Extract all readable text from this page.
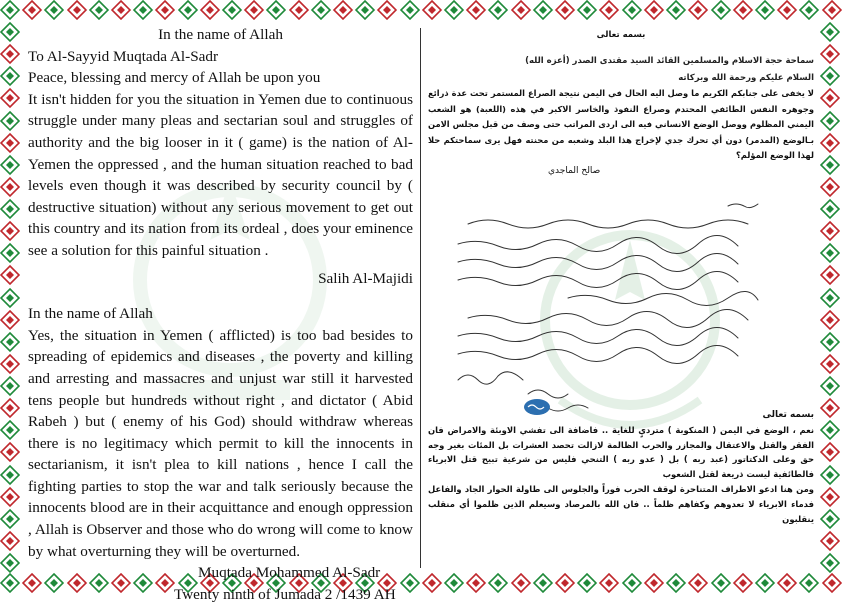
In the name of Allah

To Al-Sayyid Muqtada Al-Sadr

Peace, blessing and mercy of Allah be upon you

It isn't hidden for you the situation in Yemen due to continuous struggle under many pleas and sectarian soul and struggles of authority and the big looser in it ( game) is the nation of Al-Yemen the oppressed , and the human situation reached to bad levels even though it was described by security council by ( destructive situation) without any serious movement to get out this country and its nation from its ordeal , does your eminence see a solution for this painful situation .

Salih Al-Majidi

In the name of Allah

Yes, the situation in Yemen ( afflicted) is too bad besides to spreading of epidemics and diseases , the poverty and killing and arresting and massacres and unjust war still it harvested tens people but hundreds without right , and dictator ( Abid Rabeh ) but ( enemy of his God) should withdraw whereas there is no legitimacy which permit to kill the innocents in sectarianism, it isn't plea to kill nations , hence I call the fighting parties to stop the war and talk seriously because the innocents blood are in their acquittance and enough oppression , Allah is Observer and those who do wrong will come to know by what overturning they will be overturned.

Muqtada Mohammed Al-Sadr

Twenty ninth of Jumada 2 /1439 AH

بسمه تعالى
سماحة حجة الاسلام والمسلمين القائد السيد مقتدى الصدر (أعزه الله)
السلام عليكم ورحمة الله وبركاته
لا يخفى على جنابكم الكريم ما وصل اليه الحال في اليمن نتيجة الصراع المستمر تحت عدة ذرائع وجوهره النفس الطائفي المحتدم وصراع النفوذ والخاسر الاكبر في هذه (اللعبة) هو الشعب اليمني المظلوم ووصل الوضع الانساني فيه الى اردى المراتب حتى وصف من قبل مجلس الامن بـالوضع (المدمر) دون أي تحرك جدي لإخراج هذا البلد وشعبه من محنته فهل يرى سماحتكم حلا لهذا الوضع المؤلم؟
صالح الماجدي
بسمه تعالى
نعم ، الوضع في اليمن ( المنكوبة ) مترديٍ للغاية .. فاضافة الى تفشي الاوبئة والامراض فان الفقر والقتل والاعتقال والمجازر والحرب الظالمة لازالت تحصد العشرات بل المئات بغير وجه حق وعلى الدكتاتور (عبد ربه ) بل ( عدو ربه ) التنحي فليس من شرعية تبيح قتل الابرياء فالطائفية ليست ذريعة لقتل الشعوب
ومن هنا ادعو الاطراف المتناحرة لوقف الحرب فوراً والجلوس الى طاولة الحوار الجاد والفاعل فدماء الابرياء لا تعدوهم وكفاهم ظلماً .. فان الله بالمرصاد وسيعلم الذين ظلموا أي منقلب ينقلبون
